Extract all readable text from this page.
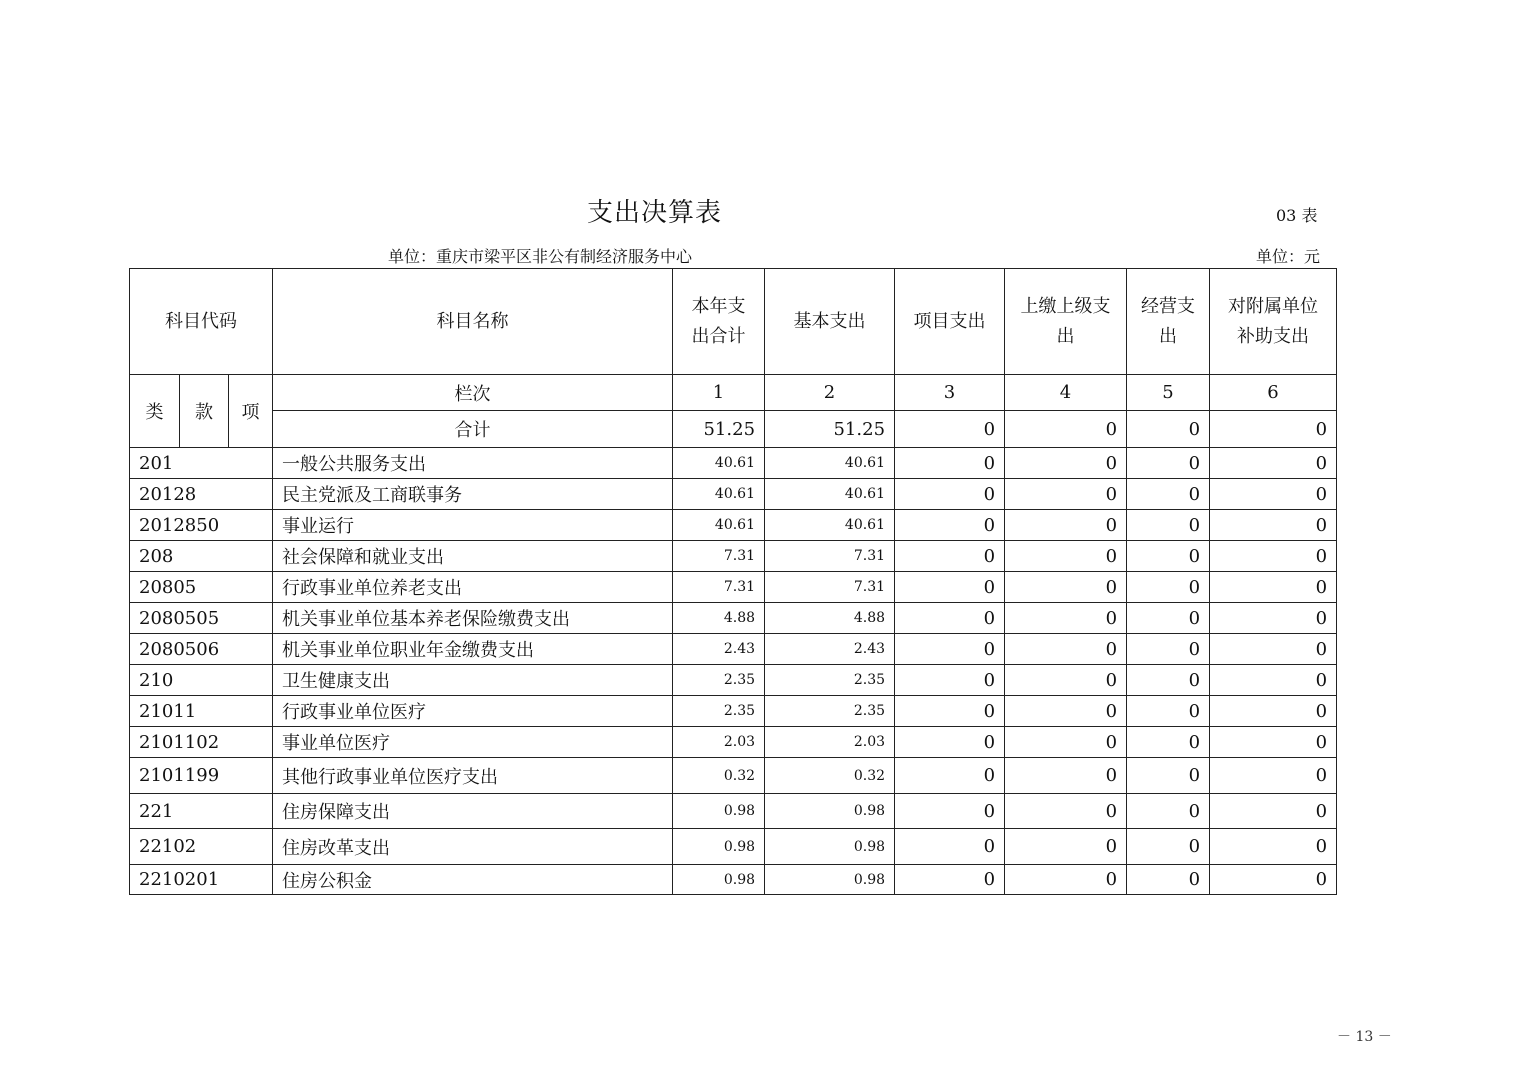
支出决算表	03 表
单位：重庆市梁平区非公有制经济服务中心	单位：元
科目代码			科目名称	本年支出合计	基本支出	项目支出	上缴上级支出	经营支出	对附属单位补助支出
类	款	项	栏次	1	2	3	4	5	6
			合计	51.25	51.25	0	0	0	0
201			一般公共服务支出	40.61	40.61	0	0	0	0
20128			民主党派及工商联事务	40.61	40.61	0	0	0	0
2012850			事业运行	40.61	40.61	0	0	0	0
208			社会保障和就业支出	7.31	7.31	0	0	0	0
20805			行政事业单位养老支出	7.31	7.31	0	0	0	0
2080505			机关事业单位基本养老保险缴费支出	4.88	4.88	0	0	0	0
2080506			机关事业单位职业年金缴费支出	2.43	2.43	0	0	0	0
210			卫生健康支出	2.35	2.35	0	0	0	0
21011			行政事业单位医疗	2.35	2.35	0	0	0	0
2101102			事业单位医疗	2.03	2.03	0	0	0	0
2101199			其他行政事业单位医疗支出	0.32	0.32	0	0	0	0
221			住房保障支出	0.98	0.98	0	0	0	0
22102			住房改革支出	0.98	0.98	0	0	0	0
2210201			住房公积金	0.98	0.98	0	0	0	0
－ 13 －
